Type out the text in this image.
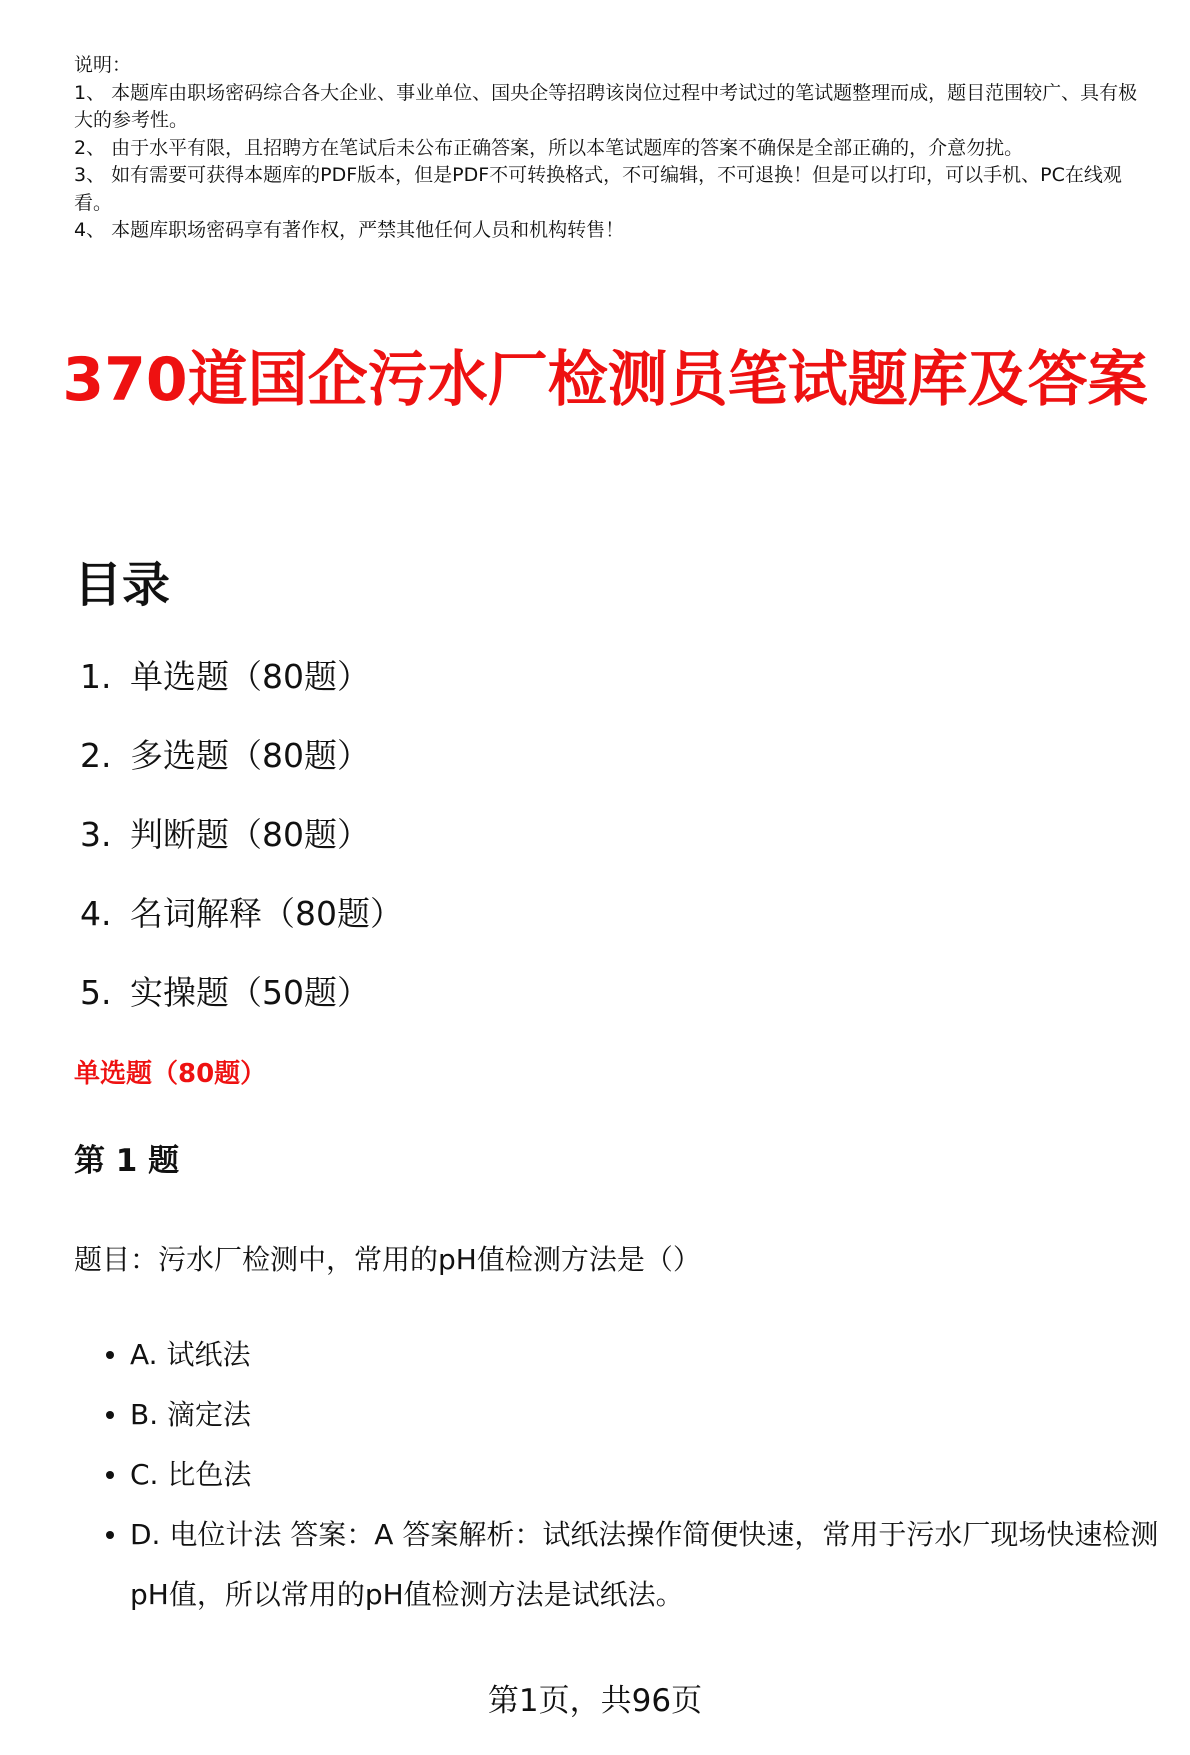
说明：

1、 本题库由职场密码综合各大企业、事业单位、国央企等招聘该岗位过程中考试过的笔试题整理而成，题目范围较广、具有极大的参考性。

2、 由于水平有限，且招聘方在笔试后未公布正确答案，所以本笔试题库的答案不确保是全部正确的，介意勿扰。

3、 如有需要可获得本题库的PDF版本，但是PDF不可转换格式，不可编辑，不可退换！但是可以打印，可以手机、PC在线观看。

4、 本题库职场密码享有著作权，严禁其他任何人员和机构转售！

370道国企污水厂检测员笔试题库及答案
目录
1. 单选题（80题）
2. 多选题（80题）
3. 判断题（80题）
4. 名词解释（80题）
5. 实操题（50题）
单选题（80题）
第 1 题

题目：污水厂检测中，常用的pH值检测方法是（）

A. 试纸法
B. 滴定法
C. 比色法
D. 电位计法 答案：A 答案解析：试纸法操作简便快速，常用于污水厂现场快速检测pH值，所以常用的pH值检测方法是试纸法。

第1页，共96页
